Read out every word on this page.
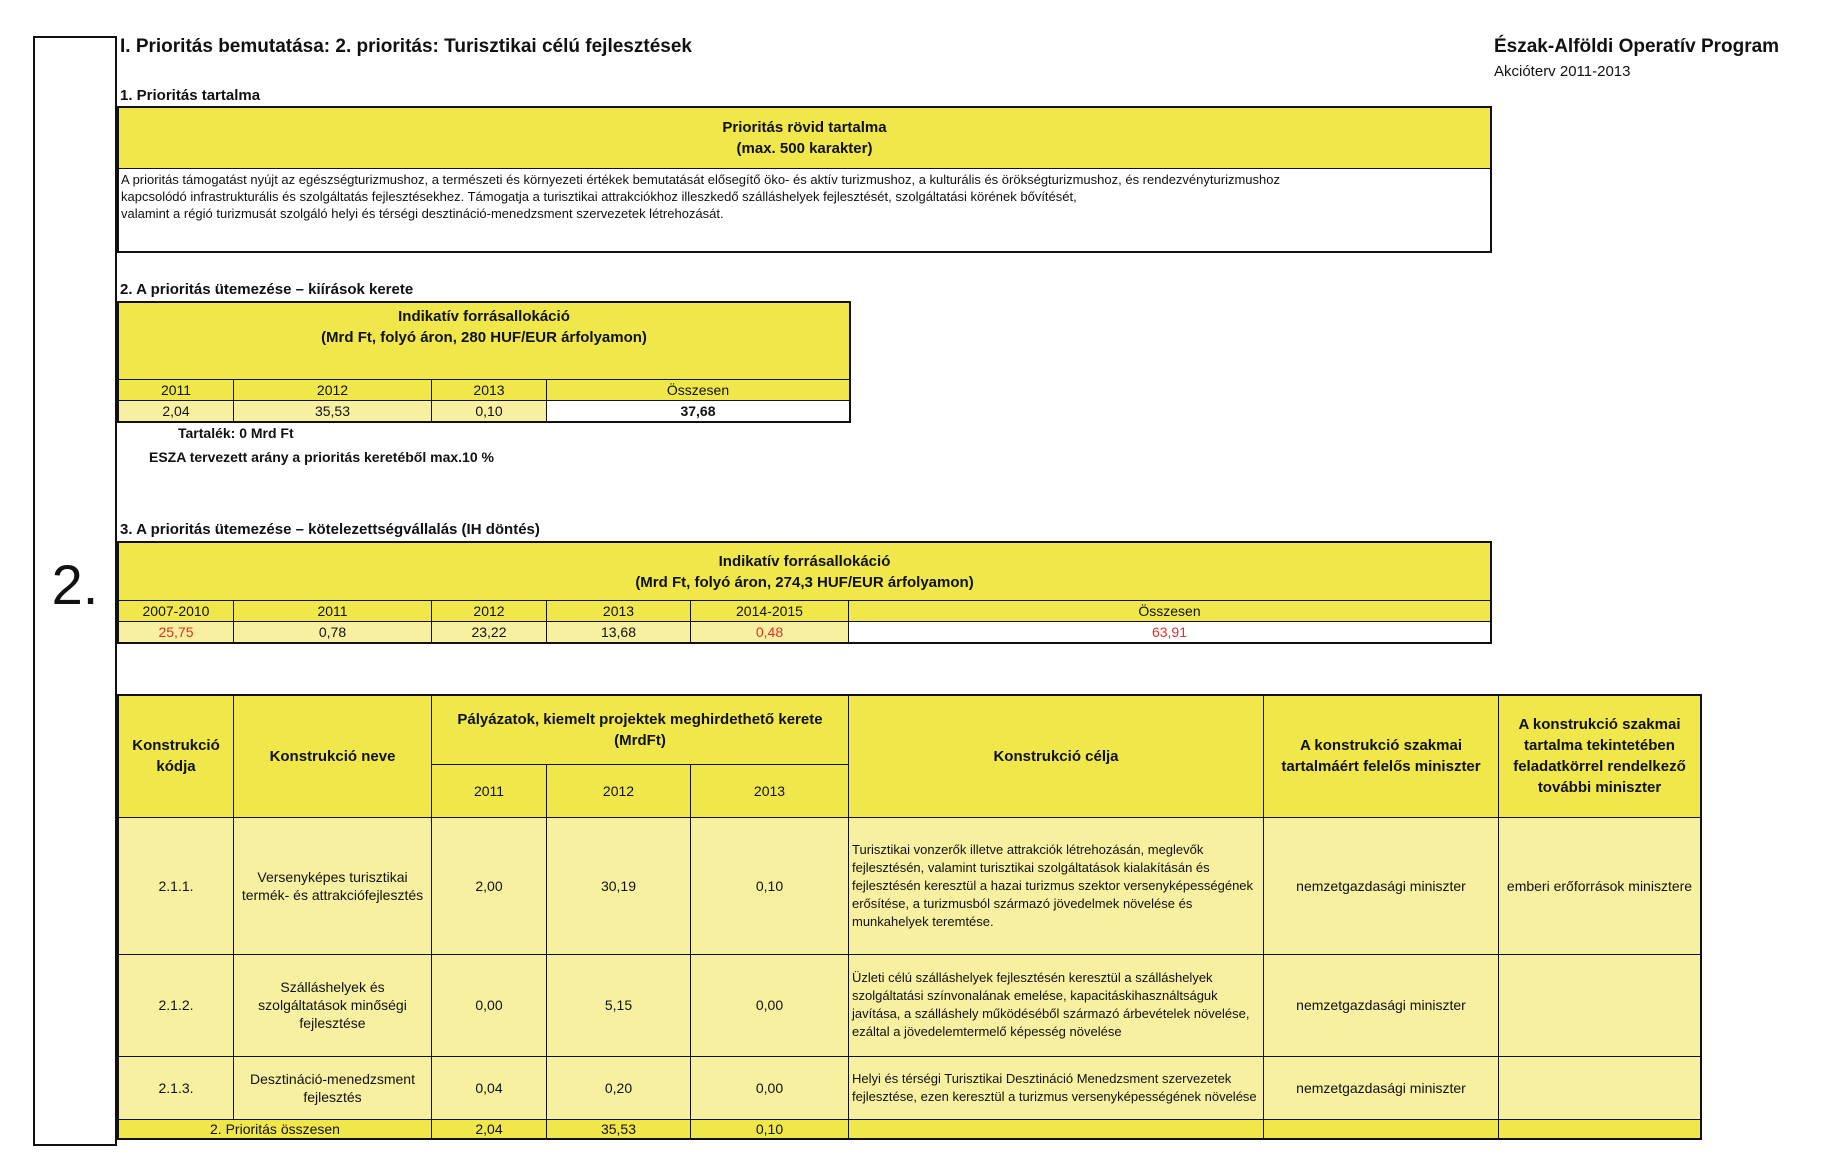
2.
I. Prioritás bemutatása: 2. prioritás: Turisztikai célú fejlesztések	Észak-Alföldi Operatív Program
Akcióterv 2011-2013
1. Prioritás tartalma
Prioritás rövid tartalma
(max. 500 karakter)

A prioritás támogatást nyújt az egészségturizmushoz, a természeti és környezeti értékek bemutatását elősegítő öko- és aktív turizmushoz, a kulturális és örökségturizmushoz, és rendezvényturizmushoz
kapcsolódó infrastrukturális és szolgáltatás fejlesztésekhez. Támogatja a turisztikai attrakciókhoz illeszkedő szálláshelyek fejlesztését, szolgáltatási körének bővítését,
valamint a régió turizmusát szolgáló helyi és térségi desztináció-menedzsment szervezetek létrehozását.
2. A prioritás ütemezése – kiírások kerete
Indikatív forrásallokáció
(Mrd Ft, folyó áron, 280 HUF/EUR árfolyamon)			

2011	2012	2013	Összesen
2,04	35,53	0,10	37,68
Tartalék: 0 Mrd Ft
ESZA tervezett arány a prioritás keretéből max.10 %
3. A prioritás ütemezése – kötelezettségvállalás (IH döntés)
Indikatív forrásallokáció
(Mrd Ft, folyó áron, 274,3 HUF/EUR árfolyamon)					

2007-2010	2011	2012	2013	2014-2015	Összesen
25,75	0,78	23,22	13,68	0,48	63,91
Konstrukció kódja	Konstrukció neve	Pályázatok, kiemelt projektek meghirdethető kerete
(MrdFt)			Konstrukció célja	A konstrukció szakmai tartalmáért felelős miniszter	A konstrukció szakmai tartalma tekintetében feladatkörrel rendelkező további miniszter
		2011	2012	2013			
2.1.1.	Versenyképes turisztikai termék- és attrakciófejlesztés	2,00	30,19	0,10	Turisztikai vonzerők illetve attrakciók létrehozásán, meglevők fejlesztésén, valamint turisztikai szolgáltatások kialakításán és fejlesztésén keresztül a hazai turizmus szektor versenyképességének erősítése, a turizmusból származó jövedelmek növelése és munkahelyek teremtése.	nemzetgazdasági miniszter	emberi erőforrások minisztere
2.1.2.	Szálláshelyek és szolgáltatások minőségi fejlesztése	0,00	5,15	0,00	Üzleti célú szálláshelyek fejlesztésén keresztül a szálláshelyek szolgáltatási színvonalának emelése, kapacitáskihasználtságuk javítása, a szálláshely működéséből származó árbevételek növelése, ezáltal a jövedelemtermelő képesség növelése	nemzetgazdasági miniszter	
2.1.3.	Desztináció-menedzsment fejlesztés	0,04	0,20	0,00	Helyi és térségi Turisztikai Desztináció Menedzsment szervezetek fejlesztése, ezen keresztül a turizmus versenyképességének növelése	nemzetgazdasági miniszter	
2. Prioritás összesen		2,04	35,53	0,10			
